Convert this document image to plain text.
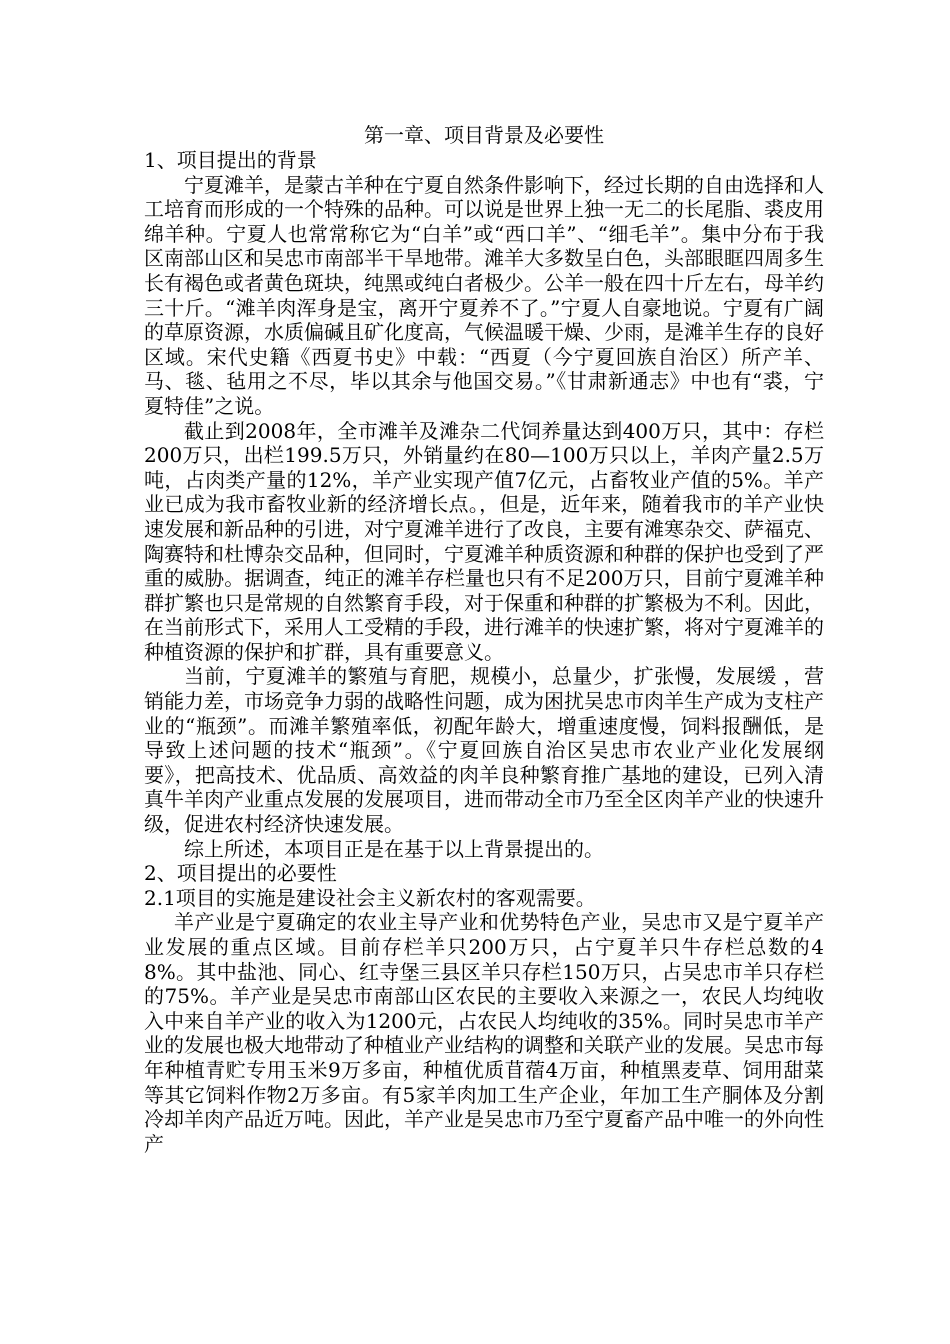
第一章、项目背景及必要性

1、项目提出的背景

宁夏滩羊，是蒙古羊种在宁夏自然条件影响下，经过长期的自由选择和人工培育而形成的一个特殊的品种。可以说是世界上独一无二的长尾脂、裘皮用绵羊种。宁夏人也常常称它为“白羊”或“西口羊”、“细毛羊”。集中分布于我区南部山区和吴忠市南部半干旱地带。滩羊大多数呈白色，头部眼眶四周多生长有褐色或者黄色斑块，纯黑或纯白者极少。公羊一般在四十斤左右，母羊约三十斤。“滩羊肉浑身是宝，离开宁夏养不了。”宁夏人自豪地说。宁夏有广阔的草原资源，水质偏碱且矿化度高，气候温暖干燥、少雨，是滩羊生存的良好区域。宋代史籍《西夏书史》中载：“西夏（今宁夏回族自治区）所产羊、马、毯、毡用之不尽，毕以其余与他国交易。”《甘肃新通志》中也有“裘，宁夏特佳”之说。

截止到2008年，全市滩羊及滩杂二代饲养量达到400万只，其中：存栏200万只，出栏199.5万只，外销量约在80—100万只以上，羊肉产量2.5万吨，占肉类产量的12%，羊产业实现产值7亿元，占畜牧业产值的5%。羊产业已成为我市畜牧业新的经济增长点。，但是，近年来，随着我市的羊产业快速发展和新品种的引进，对宁夏滩羊进行了改良，主要有滩寒杂交、萨福克、陶赛特和杜博杂交品种，但同时，宁夏滩羊种质资源和种群的保护也受到了严重的威胁。据调查，纯正的滩羊存栏量也只有不足200万只，目前宁夏滩羊种群扩繁也只是常规的自然繁育手段，对于保重和种群的扩繁极为不利。因此，在当前形式下，采用人工受精的手段，进行滩羊的快速扩繁，将对宁夏滩羊的种植资源的保护和扩群，具有重要意义。

当前，宁夏滩羊的繁殖与育肥，规模小，总量少，扩张慢，发展缓 ，营销能力差，市场竞争力弱的战略性问题，成为困扰吴忠市肉羊生产成为支柱产业的“瓶颈”。而滩羊繁殖率低，初配年龄大，增重速度慢，饲料报酬低，是导致上述问题的技术“瓶颈”。《宁夏回族自治区吴忠市农业产业化发展纲要》，把高技术、优品质、高效益的肉羊良种繁育推广基地的建设，已列入清真牛羊肉产业重点发展的发展项目，进而带动全市乃至全区肉羊产业的快速升级，促进农村经济快速发展。

综上所述，本项目正是在基于以上背景提出的。

2、项目提出的必要性

2.1项目的实施是建设社会主义新农村的客观需要。

羊产业是宁夏确定的农业主导产业和优势特色产业，吴忠市又是宁夏羊产业发展的重点区域。目前存栏羊只200万只，占宁夏羊只牛存栏总数的48%。其中盐池、同心、红寺堡三县区羊只存栏150万只，占吴忠市羊只存栏的75%。羊产业是吴忠市南部山区农民的主要收入来源之一，农民人均纯收入中来自羊产业的收入为1200元，占农民人均纯收的35%。同时吴忠市羊产业的发展也极大地带动了种植业产业结构的调整和关联产业的发展。吴忠市每年种植青贮专用玉米9万多亩，种植优质苜蓿4万亩，种植黑麦草、饲用甜菜等其它饲料作物2万多亩。有5家羊肉加工生产企业，年加工生产胴体及分割冷却羊肉产品近万吨。因此，羊产业是吴忠市乃至宁夏畜产品中唯一的外向性产
